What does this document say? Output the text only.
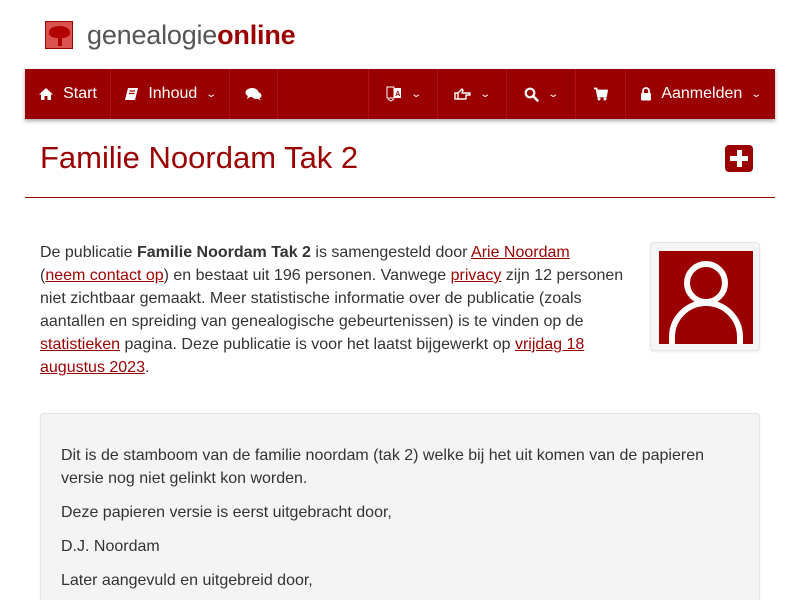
genealogieonline
Start	Inhoud ⌄	A ⌄	⌄	⌄	Aanmelden ⌄
Familie Noordam Tak 2

De publicatie Familie Noordam Tak 2 is samengesteld door Arie Noordam
(neem contact op) en bestaat uit 196 personen. Vanwege privacy zijn 12 personen niet zichtbaar gemaakt. Meer statistische informatie over de publicatie (zoals aantallen en spreiding van genealogische gebeurtenissen) is te vinden op de statistieken pagina. Deze publicatie is voor het laatst bijgewerkt op vrijdag 18 augustus 2023.

Dit is de stamboom van de familie noordam (tak 2) welke bij het uit komen van de papieren versie nog niet gelinkt kon worden.

Deze papieren versie is eerst uitgebracht door,

D.J. Noordam

Later aangevuld en uitgebreid door,
